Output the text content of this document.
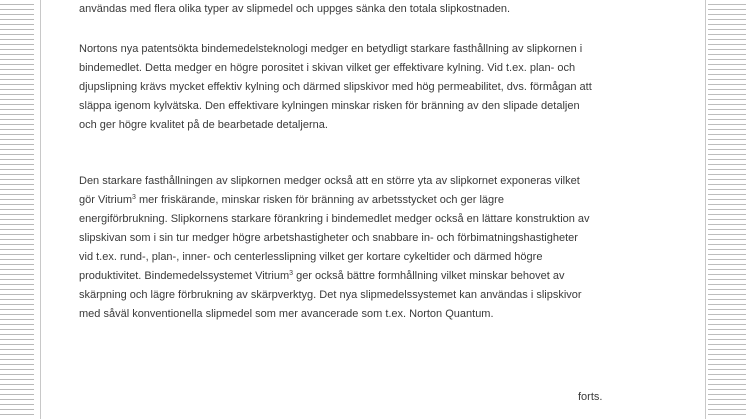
användas med flera olika typer av slipmedel och uppges sänka den totala slipkostnaden.
Nortons nya patentsökta bindemedelsteknologi medger en betydligt starkare fasthållning av slipkornen i
bindemedlet. Detta medger en högre porositet i skivan vilket ger effektivare kylning. Vid t.ex. plan- och
djupslipning krävs mycket effektiv kylning och därmed slipskivor med hög permeabilitet, dvs. förmågan att
släppa igenom kylvätska. Den effektivare kylningen minskar risken för bränning av den slipade detaljen
och ger högre kvalitet på de bearbetade detaljerna.
Den starkare fasthållningen av slipkornen medger också att en större yta av slipkornet exponeras vilket
gör Vitrium$^3$ mer friskärande, minskar risken för bränning av arbetsstycket och ger lägre
energiförbrukning. Slipkornens starkare förankring i bindemedlet medger också en lättare konstruktion av
slipskivan som i sin tur medger högre arbetshastigheter och snabbare in- och förbimatningshastigheter
vid t.ex. rund-, plan-, inner- och centerlesslipning vilket ger kortare cykeltider och därmed högre
produktivitet. Bindemedelssystemet Vitrium$^3$ ger också bättre formhållning vilket minskar behovet av
skärpning och lägre förbrukning av skärpverktyg. Det nya slipmedelssystemet kan användas i slipskivor
med såväl konventionella slipmedel som mer avancerade som t.ex. Norton Quantum.
forts.
